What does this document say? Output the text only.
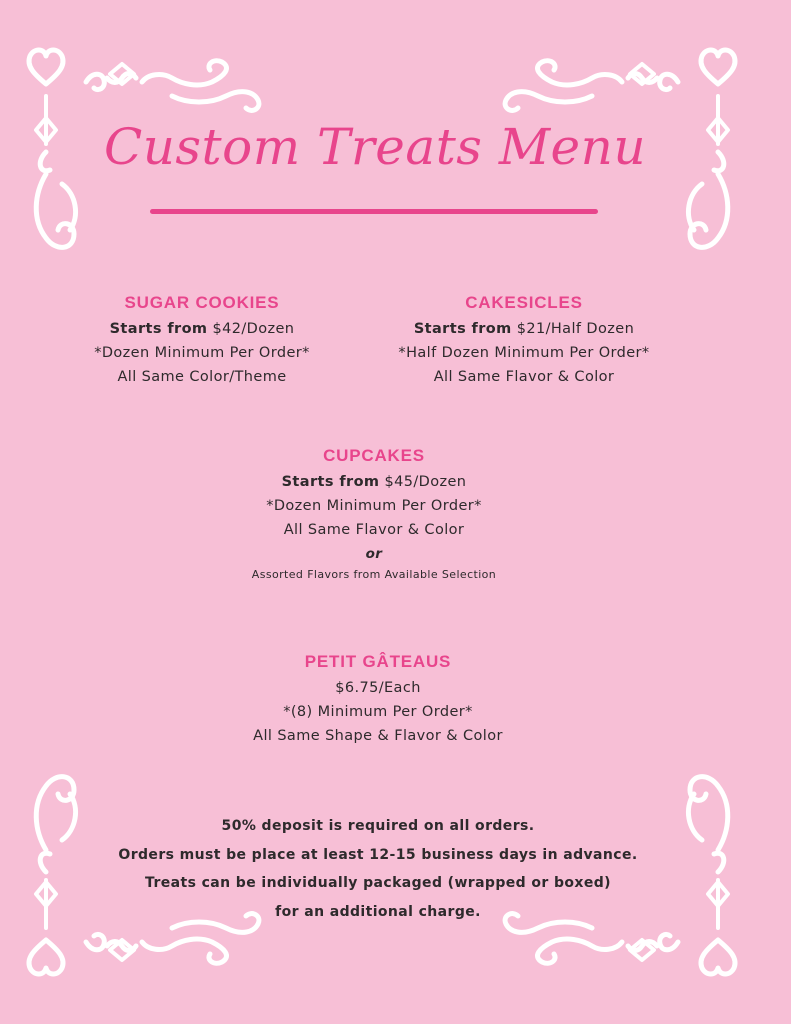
Custom Treats Menu
SUGAR COOKIES
Starts from $42/Dozen
*Dozen Minimum Per Order*
All Same Color/Theme
CAKESICLES
Starts from $21/Half Dozen
*Half Dozen Minimum Per Order*
All Same Flavor & Color
CUPCAKES
Starts from $45/Dozen
*Dozen Minimum Per Order*
All Same Flavor & Color
or
Assorted Flavors from Available Selection
PETIT GÂTEAUS
$6.75/Each
*(8) Minimum Per Order*
All Same Shape & Flavor & Color
50% deposit is required on all orders.
Orders must be place at least 12-15 business days in advance.
Treats can be individually packaged (wrapped or boxed)
for an additional charge.
